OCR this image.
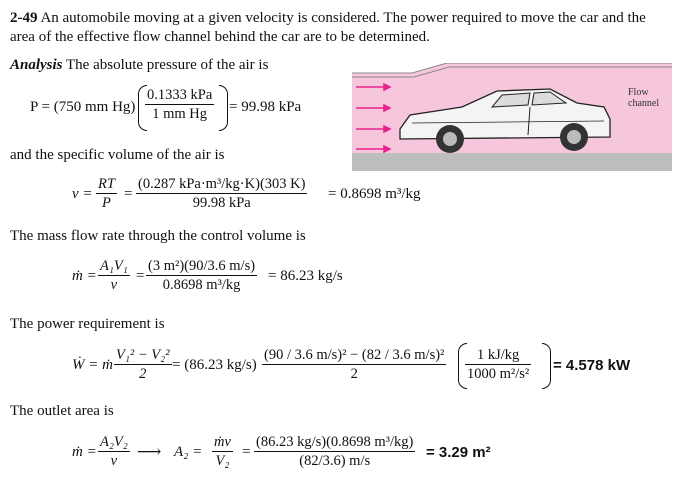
2-49 An automobile moving at a given velocity is considered. The power required to move the car and the
area of the effective flow channel behind the car are to be determined.
Analysis The absolute pressure of the air is
P = (750 mm Hg)
0.1333 kPa
1 mm Hg = 99.98 kPa
Flow
channel
and the specific volume of the air is
v =
RT
P
=
(0.287 kPa·m³/kg·K)(303 K)
99.98 kPa
= 0.8698 m³/kg
The mass flow rate through the control volume is
ṁ =
A₁V₁
v
=
(3 m²)(90/3.6 m/s)
0.8698 m³/kg
= 86.23 kg/s
The power requirement is
Ẇ = ṁ
V₁² − V₂²
2
= (86.23 kg/s)
(90 / 3.6 m/s)² − (82 / 3.6 m/s)²
2
1 kJ/kg
1000 m²/s² = 4.578 kW
The outlet area is
ṁ =
A₂V₂
v ⟶ A₂ =
ṁv
V₂
=
(86.23 kg/s)(0.8698 m³/kg)
(82/3.6) m/s	= 3.29 m²
